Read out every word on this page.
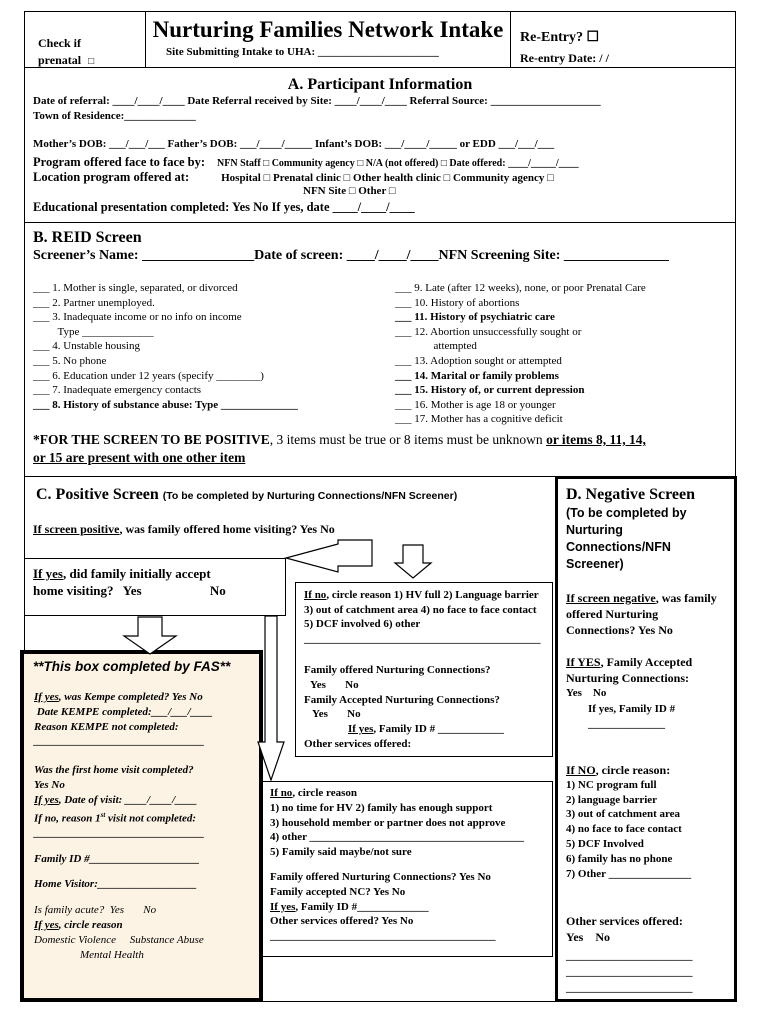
Check if prenatal □
Nurturing Families Network Intake
Site Submitting Intake to UHA: ______________________
Re-Entry? ☐
Re-entry Date: / /
A. Participant Information
Date of referral: ____/____/____ Date Referral received by Site: ____/____/____ Referral Source: ____________________
Town of Residence:_____________
Mother’s DOB: ___/___/___ Father’s DOB: ___/____/_____ Infant’s DOB: ___/____/_____ or EDD ___/___/___
Program offered face to face by: NFN Staff □ Community agency □ N/A (not offered) □ Date offered: ____/_____/____
Location program offered at:	Hospital □ Prenatal clinic □ Other health clinic □ Community agency □
NFN Site □ Other □
Educational presentation completed: Yes No If yes, date ____/____/____
B. REID Screen
Screener’s Name: ________________Date of screen: ____/____/____NFN Screening Site: _______________
___ 1. Mother is single, separated, or divorced
___ 2. Partner unemployed.
___ 3. Inadequate income or no info on income
Type _____________
___ 4. Unstable housing
___ 5. No phone
___ 6. Education under 12 years (specify ________)
___ 7. Inadequate emergency contacts
___ 8. History of substance abuse: Type ______________
___ 9. Late (after 12 weeks), none, or poor Prenatal Care
___ 10. History of abortions
___ 11. History of psychiatric care
___ 12. Abortion unsuccessfully sought or
attempted
___ 13. Adoption sought or attempted
___ 14. Marital or family problems
___ 15. History of, or current depression
___ 16. Mother is age 18 or younger
___ 17. Mother has a cognitive deficit
*FOR THE SCREEN TO BE POSITIVE, 3 items must be true or 8 items must be unknown or items 8, 11, 14,
or 15 are present with one other item
C. Positive Screen (To be completed by Nurturing Connections/NFN Screener)
If screen positive, was family offered home visiting? Yes No
If yes, did family initially accept
home visiting?   Yes                     No	If no, circle reason 1) HV full 2) Language barrier 3) out of catchment area 4) no face to face contact 5) DCF involved 6) other ___________________________________________
Family offered Nurturing Connections?
Yes       No
Family Accepted Nurturing Connections?
Yes       No
If yes, Family ID # ____________
Other services offered:
If no, circle reason
1) no time for HV 2) family has enough support
3) household member or partner does not approve
4) other _______________________________________
5) Family said maybe/not sure
Family offered Nurturing Connections? Yes No
Family accepted NC? Yes No
If yes, Family ID #_____________
Other services offered? Yes No
_________________________________________
**This box completed by FAS**
If yes, was Kempe completed? Yes No
Date KEMPE completed:___/___/____
Reason KEMPE not completed:
_______________________________
Was the first home visit completed?
Yes No
If yes, Date of visit: ____/____/____
If no, reason 1st visit not completed:
_______________________________
Family ID #____________________
Home Visitor:__________________
Is family acute?  Yes       No
If yes, circle reason
Domestic Violence     Substance Abuse
Mental Health
D. Negative Screen
(To be completed by Nurturing Connections/NFN Screener)
If screen negative, was family offered Nurturing Connections? Yes No
If YES, Family Accepted Nurturing Connections:
Yes    No
If yes, Family ID #
______________
If NO, circle reason:
1) NC program full
2) language barrier
3) out of catchment area
4) no face to face contact
5) DCF Involved
6) family has no phone
7) Other _______________
Other services offered:
Yes    No
_______________________
_______________________
_______________________
